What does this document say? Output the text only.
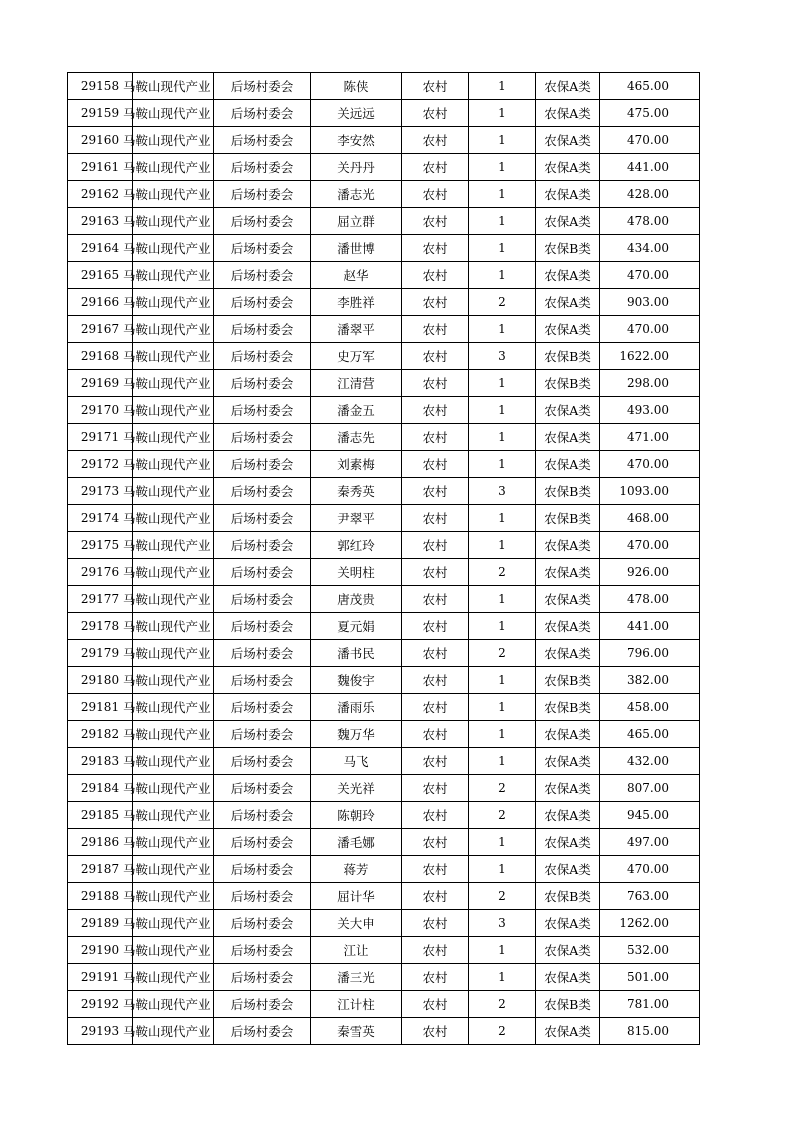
29158	马鞍山现代产业	后场村委会	陈侠	农村	1	农保A类	465.00
29159	马鞍山现代产业	后场村委会	关远远	农村	1	农保A类	475.00
29160	马鞍山现代产业	后场村委会	李安然	农村	1	农保A类	470.00
29161	马鞍山现代产业	后场村委会	关丹丹	农村	1	农保A类	441.00
29162	马鞍山现代产业	后场村委会	潘志光	农村	1	农保A类	428.00
29163	马鞍山现代产业	后场村委会	屈立群	农村	1	农保A类	478.00
29164	马鞍山现代产业	后场村委会	潘世博	农村	1	农保B类	434.00
29165	马鞍山现代产业	后场村委会	赵华	农村	1	农保A类	470.00
29166	马鞍山现代产业	后场村委会	李胜祥	农村	2	农保A类	903.00
29167	马鞍山现代产业	后场村委会	潘翠平	农村	1	农保A类	470.00
29168	马鞍山现代产业	后场村委会	史万军	农村	3	农保B类	1622.00
29169	马鞍山现代产业	后场村委会	江清营	农村	1	农保B类	298.00
29170	马鞍山现代产业	后场村委会	潘金五	农村	1	农保A类	493.00
29171	马鞍山现代产业	后场村委会	潘志先	农村	1	农保A类	471.00
29172	马鞍山现代产业	后场村委会	刘素梅	农村	1	农保A类	470.00
29173	马鞍山现代产业	后场村委会	秦秀英	农村	3	农保B类	1093.00
29174	马鞍山现代产业	后场村委会	尹翠平	农村	1	农保B类	468.00
29175	马鞍山现代产业	后场村委会	郭红玲	农村	1	农保A类	470.00
29176	马鞍山现代产业	后场村委会	关明柱	农村	2	农保A类	926.00
29177	马鞍山现代产业	后场村委会	唐茂贵	农村	1	农保A类	478.00
29178	马鞍山现代产业	后场村委会	夏元娟	农村	1	农保A类	441.00
29179	马鞍山现代产业	后场村委会	潘书民	农村	2	农保A类	796.00
29180	马鞍山现代产业	后场村委会	魏俊宇	农村	1	农保B类	382.00
29181	马鞍山现代产业	后场村委会	潘雨乐	农村	1	农保B类	458.00
29182	马鞍山现代产业	后场村委会	魏万华	农村	1	农保A类	465.00
29183	马鞍山现代产业	后场村委会	马飞	农村	1	农保A类	432.00
29184	马鞍山现代产业	后场村委会	关光祥	农村	2	农保A类	807.00
29185	马鞍山现代产业	后场村委会	陈朝玲	农村	2	农保A类	945.00
29186	马鞍山现代产业	后场村委会	潘毛娜	农村	1	农保A类	497.00
29187	马鞍山现代产业	后场村委会	蒋芳	农村	1	农保A类	470.00
29188	马鞍山现代产业	后场村委会	屈计华	农村	2	农保B类	763.00
29189	马鞍山现代产业	后场村委会	关大申	农村	3	农保A类	1262.00
29190	马鞍山现代产业	后场村委会	江让	农村	1	农保A类	532.00
29191	马鞍山现代产业	后场村委会	潘三光	农村	1	农保A类	501.00
29192	马鞍山现代产业	后场村委会	江计柱	农村	2	农保B类	781.00
29193	马鞍山现代产业	后场村委会	秦雪英	农村	2	农保A类	815.00
